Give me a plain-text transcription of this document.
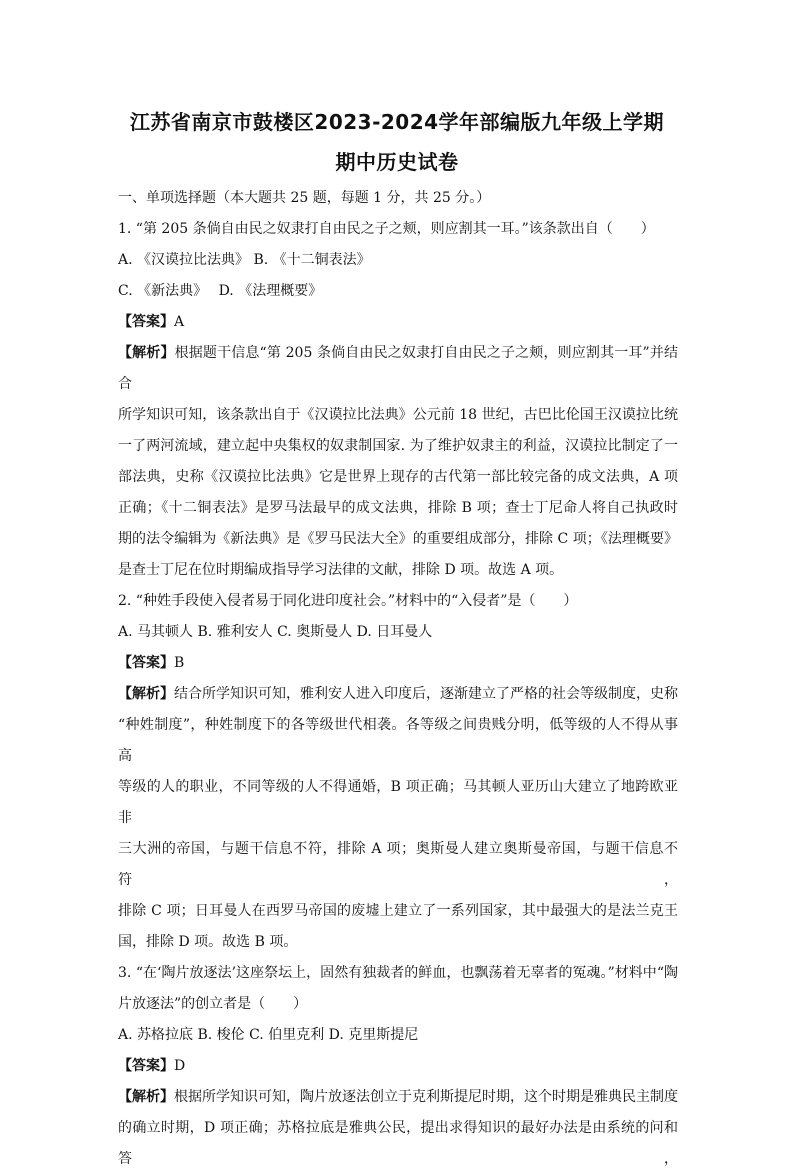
江苏省南京市鼓楼区2023-2024学年部编版九年级上学期
期中历史试卷
一、单项选择题（本大题共 25 题，每题 1 分，共 25 分。）
1. “第 205 条倘自由民之奴隶打自由民之子之颊，则应割其一耳。”该条款出自（　　）
A. 《汉谟拉比法典》 B. 《十二铜表法》
C. 《新法典》　 D. 《法理概要》
【答案】A
【解析】根据题干信息“第 205 条倘自由民之奴隶打自由民之子之颊，则应割其一耳”并结合
所学知识可知，该条款出自于《汉谟拉比法典》公元前 18 世纪，古巴比伦国王汉谟拉比统
一了两河流域，建立起中央集权的奴隶制国家. 为了维护奴隶主的利益，汉谟拉比制定了一
部法典，史称《汉谟拉比法典》它是世界上现存的古代第一部比较完备的成文法典，A 项
正确；《十二铜表法》是罗马法最早的成文法典，排除 B 项；查士丁尼命人将自己执政时
期的法令编辑为《新法典》是《罗马民法大全》的重要组成部分，排除 C 项；《法理概要》
是查士丁尼在位时期编成指导学习法律的文献，排除 D 项。故选 A 项。
2. “种姓手段使入侵者易于同化进印度社会。”材料中的“入侵者”是（　　）
A. 马其顿人 B. 雅利安人 C. 奥斯曼人 D. 日耳曼人
【答案】B
【解析】结合所学知识可知，雅利安人进入印度后，逐渐建立了严格的社会等级制度，史称
“种姓制度”，种姓制度下的各等级世代相袭。各等级之间贵贱分明，低等级的人不得从事高
等级的人的职业，不同等级的人不得通婚，B 项正确；马其顿人亚历山大建立了地跨欧亚非
三大洲的帝国，与题干信息不符，排除 A 项；奥斯曼人建立奥斯曼帝国，与题干信息不符，
排除 C 项；日耳曼人在西罗马帝国的废墟上建立了一系列国家，其中最强大的是法兰克王
国，排除 D 项。故选 B 项。
3. “在‘陶片放逐法’这座祭坛上，固然有独裁者的鲜血，也飘荡着无辜者的冤魂。”材料中“陶
片放逐法”的创立者是（　　）
A. 苏格拉底 B. 梭伦 C. 伯里克利 D. 克里斯提尼
【答案】D
【解析】根据所学知识可知，陶片放逐法创立于克利斯提尼时期，这个时期是雅典民主制度
的确立时期，D 项正确；苏格拉底是雅典公民，提出求得知识的最好办法是由系统的问和答，
